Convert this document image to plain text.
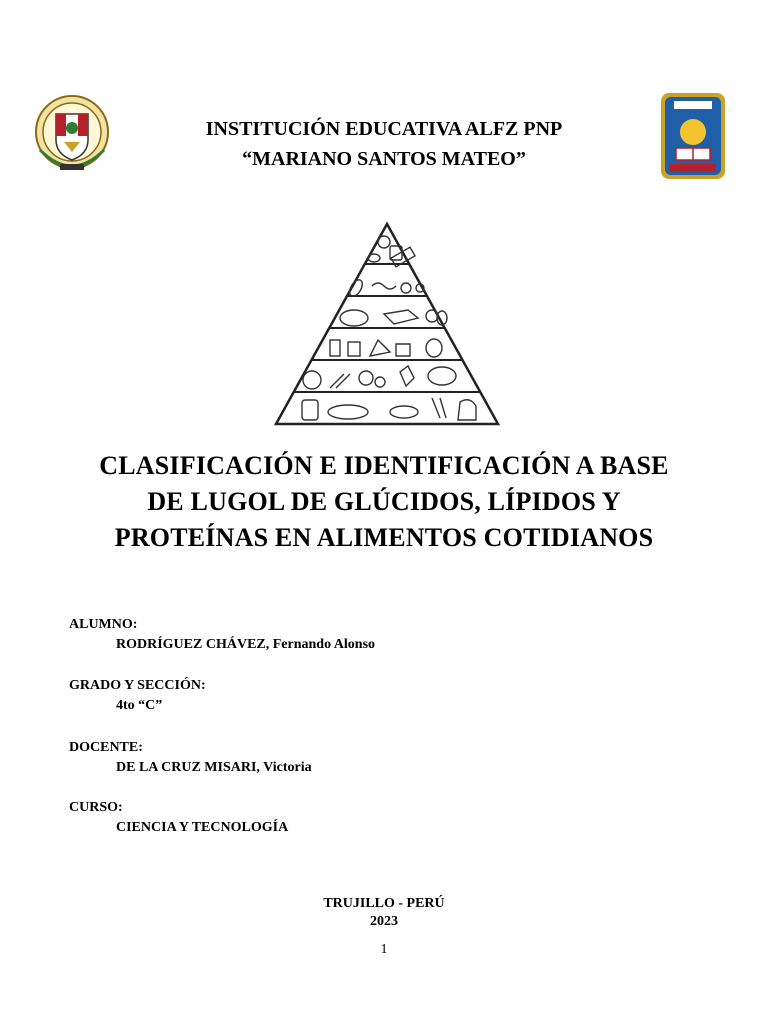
INSTITUCIÓN EDUCATIVA ALFZ PNP
“MARIANO SANTOS MATEO”
CLASIFICACIÓN E IDENTIFICACIÓN A BASE
DE LUGOL DE GLÚCIDOS, LÍPIDOS Y
PROTEÍNAS EN ALIMENTOS COTIDIANOS
ALUMNO:
RODRÍGUEZ CHÁVEZ, Fernando Alonso
GRADO Y SECCIÓN:
4to “C”
DOCENTE:
DE LA CRUZ MISARI, Victoria
CURSO:
CIENCIA Y TECNOLOGÍA
TRUJILLO - PERÚ
2023
1
